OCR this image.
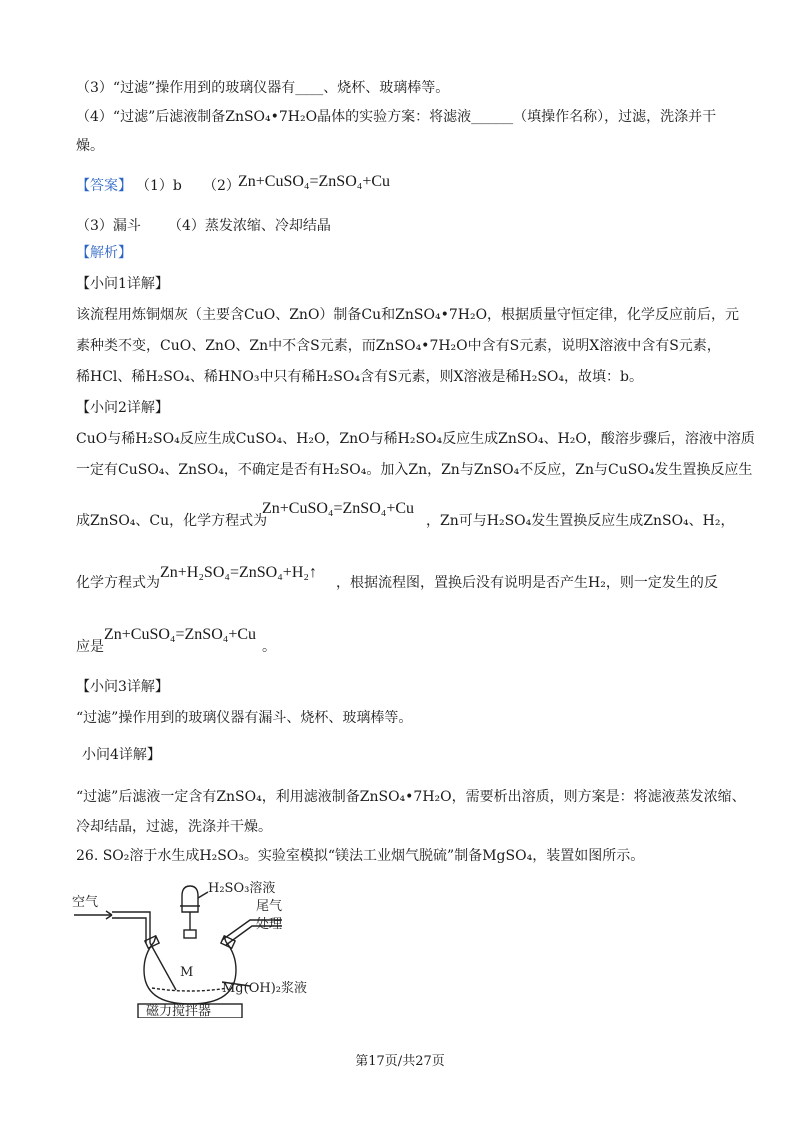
（3）“过滤”操作用到的玻璃仪器有____、烧杯、玻璃棒等。
（4）“过滤”后滤液制备ZnSO₄•7H₂O晶体的实验方案：将滤液______（填操作名称），过滤，洗涤并干
燥。
【答案】 （1）b （2）
Zn+CuSO₄=ZnSO₄+Cu
（3）漏斗 （4）蒸发浓缩、冷却结晶
【解析】
【小问1详解】
该流程用炼铜烟灰（主要含CuO、ZnO）制备Cu和ZnSO₄•7H₂O，根据质量守恒定律，化学反应前后，元
素种类不变，CuO、ZnO、Zn中不含S元素，而ZnSO₄•7H₂O中含有S元素，说明X溶液中含有S元素，
稀HCl、稀H₂SO₄、稀HNO₃中只有稀H₂SO₄含有S元素，则X溶液是稀H₂SO₄，故填：b。
【小问2详解】
CuO与稀H₂SO₄反应生成CuSO₄、H₂O，ZnO与稀H₂SO₄反应生成ZnSO₄、H₂O，酸溶步骤后，溶液中溶质
一定有CuSO₄、ZnSO₄，不确定是否有H₂SO₄。加入Zn，Zn与ZnSO₄不反应，Zn与CuSO₄发生置换反应生
成ZnSO₄、Cu，化学方程式为
Zn+CuSO₄=ZnSO₄+Cu
，Zn可与H₂SO₄发生置换反应生成ZnSO₄、H₂，
化学方程式为
Zn+H₂SO₄=ZnSO₄+H₂↑
，根据流程图，置换后没有说明是否产生H₂，则一定发生的反
应是
Zn+CuSO₄=ZnSO₄+Cu
。
【小问3详解】
“过滤”操作用到的玻璃仪器有漏斗、烧杯、玻璃棒等。
小问4详解】
“过滤”后滤液一定含有ZnSO₄，利用滤液制备ZnSO₄•7H₂O，需要析出溶质，则方案是：将滤液蒸发浓缩、
冷却结晶，过滤，洗涤并干燥。
26. SO₂溶于水生成H₂SO₃。实验室模拟“镁法工业烟气脱硫”制备MgSO₄，装置如图所示。
空气
H₂SO₃溶液
尾气
处理
M
Mg(OH)₂浆液
磁力搅拌器
第17页/共27页
